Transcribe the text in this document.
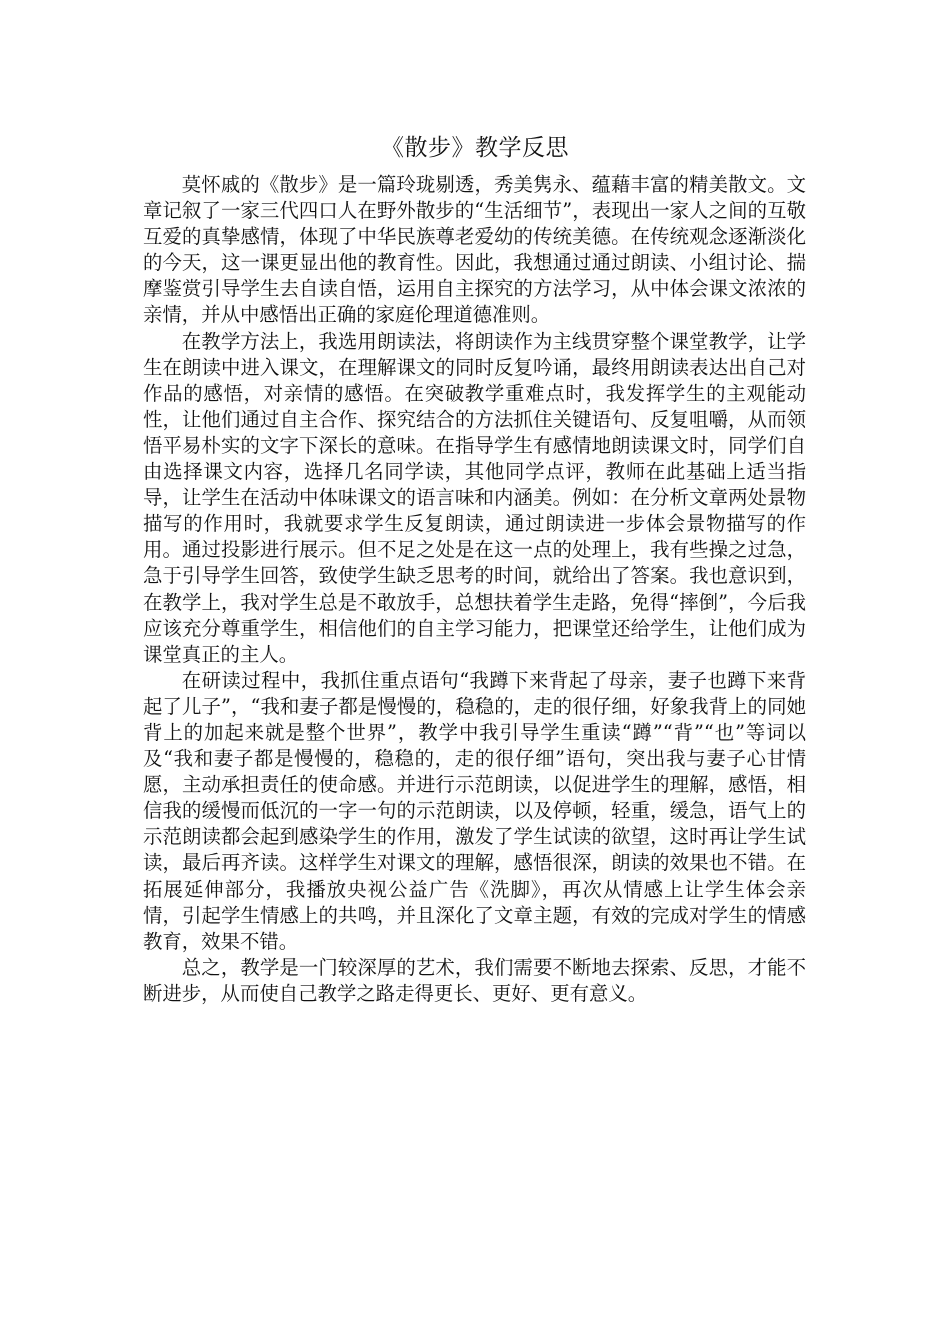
《散步》教学反思

莫怀戚的《散步》是一篇玲珑剔透，秀美隽永、蕴藉丰富的精美散文。文章记叙了一家三代四口人在野外散步的“生活细节”，表现出一家人之间的互敬互爱的真挚感情，体现了中华民族尊老爱幼的传统美德。在传统观念逐渐淡化的今天，这一课更显出他的教育性。因此，我想通过通过朗读、小组讨论、揣摩鉴赏引导学生去自读自悟，运用自主探究的方法学习，从中体会课文浓浓的亲情，并从中感悟出正确的家庭伦理道德准则。

在教学方法上，我选用朗读法，将朗读作为主线贯穿整个课堂教学，让学生在朗读中进入课文，在理解课文的同时反复吟诵，最终用朗读表达出自己对作品的感悟，对亲情的感悟。在突破教学重难点时，我发挥学生的主观能动性，让他们通过自主合作、探究结合的方法抓住关键语句、反复咀嚼，从而领悟平易朴实的文字下深长的意味。在指导学生有感情地朗读课文时，同学们自由选择课文内容，选择几名同学读，其他同学点评，教师在此基础上适当指导，让学生在活动中体味课文的语言味和内涵美。例如：在分析文章两处景物描写的作用时，我就要求学生反复朗读，通过朗读进一步体会景物描写的作用。通过投影进行展示。但不足之处是在这一点的处理上，我有些操之过急，急于引导学生回答，致使学生缺乏思考的时间，就给出了答案。我也意识到，在教学上，我对学生总是不敢放手，总想扶着学生走路，免得“摔倒”，今后我应该充分尊重学生，相信他们的自主学习能力，把课堂还给学生，让他们成为课堂真正的主人。

在研读过程中，我抓住重点语句“我蹲下来背起了母亲，妻子也蹲下来背起了儿子”，“我和妻子都是慢慢的，稳稳的，走的很仔细，好象我背上的同她背上的加起来就是整个世界”，教学中我引导学生重读“蹲”“背”“也”等词以及“我和妻子都是慢慢的，稳稳的，走的很仔细”语句，突出我与妻子心甘情愿，主动承担责任的使命感。并进行示范朗读，以促进学生的理解，感悟，相信我的缓慢而低沉的一字一句的示范朗读，以及停顿，轻重，缓急，语气上的示范朗读都会起到感染学生的作用，激发了学生试读的欲望，这时再让学生试读，最后再齐读。这样学生对课文的理解，感悟很深，朗读的效果也不错。在拓展延伸部分，我播放央视公益广告《洗脚》，再次从情感上让学生体会亲情，引起学生情感上的共鸣，并且深化了文章主题，有效的完成对学生的情感教育，效果不错。

总之，教学是一门较深厚的艺术，我们需要不断地去探索、反思，才能不断进步，从而使自己教学之路走得更长、更好、更有意义。
